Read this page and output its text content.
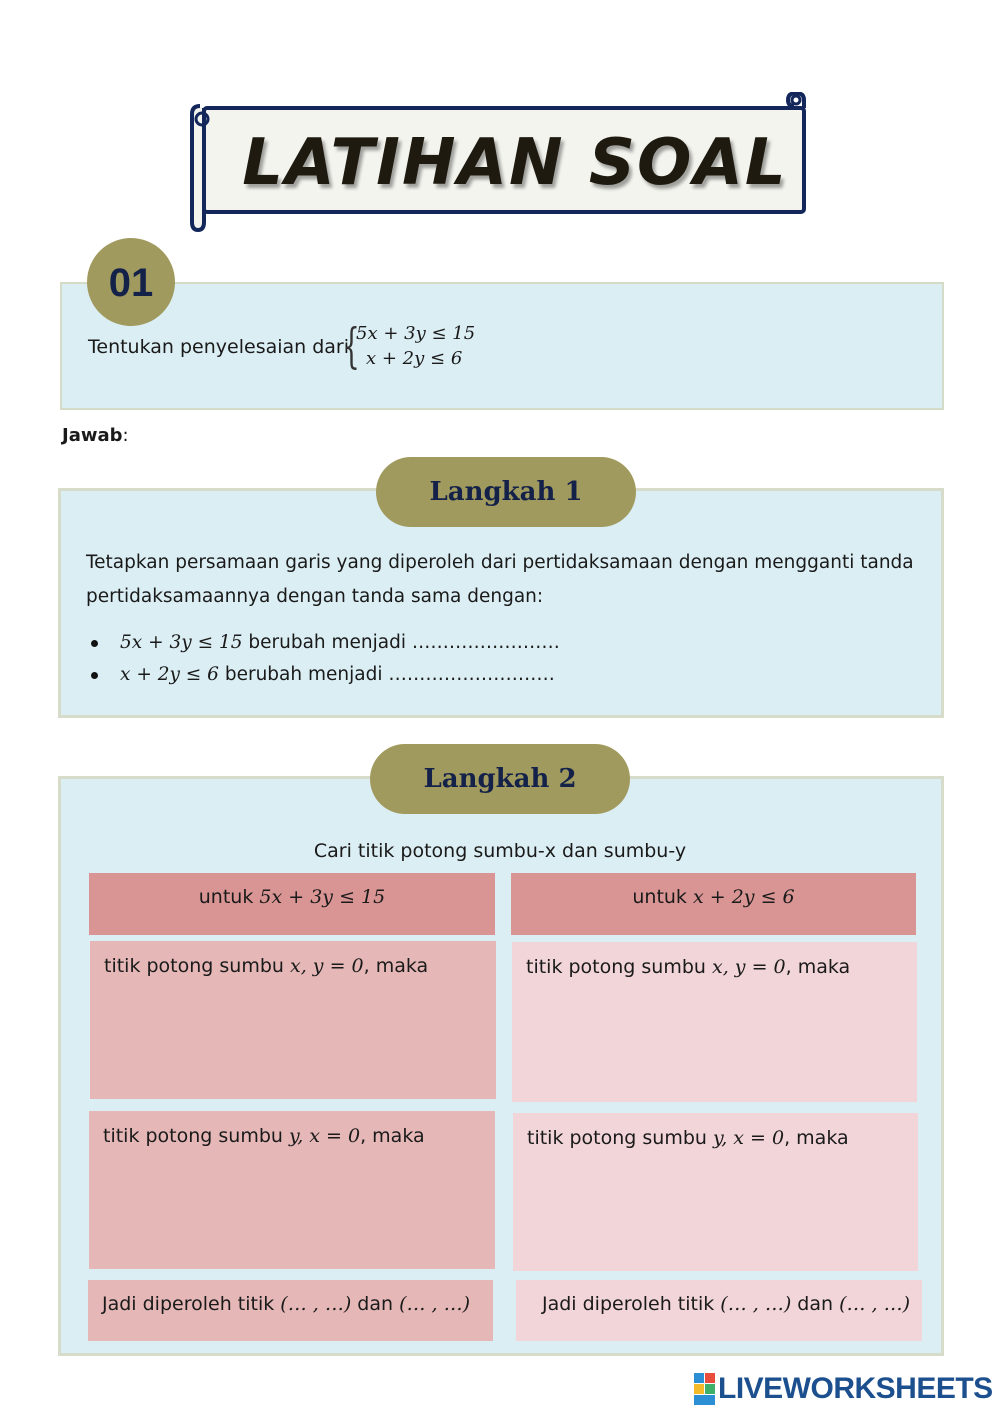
LATIHAN SOAL
01
Tentukan penyelesaian dari
{
5x + 3y ≤ 15
x + 2y ≤ 6
Jawab:
Langkah 1
Tetapkan persamaan garis yang diperoleh dari pertidaksamaan dengan mengganti tanda pertidaksamaannya dengan tanda sama dengan:
5x + 3y ≤ 15 berubah menjadi ……………………
x + 2y ≤ 6 berubah menjadi ………………………
Langkah 2
Cari titik potong sumbu-x dan sumbu-y
untuk 5x + 3y ≤ 15	untuk x + 2y ≤ 6
titik potong sumbu x, y = 0, maka	titik potong sumbu x, y = 0, maka
titik potong sumbu y, x = 0, maka	titik potong sumbu y, x = 0, maka
Jadi diperoleh titik (… , …) dan (… , …)	Jadi diperoleh titik (… , …) dan (… , …)
LIVEWORKSHEETS
